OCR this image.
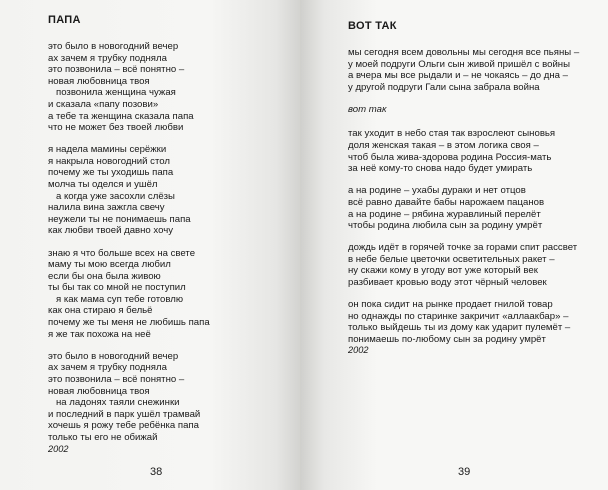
ПАПА
это было в новогодний вечер
ах зачем я трубку подняла
это позвонила – всё понятно –
новая любовница твоя
позвонила женщина чужая
и сказала «папу позови»
а тебе та женщина сказала папа
что не может без твоей любви
я надела мамины серёжки
я накрыла новогодний стол
почему же ты уходишь папа
молча ты оделся и ушёл
а когда уже засохли слёзы
налила вина зажгла свечу
неужели ты не понимаешь папа
как любви твоей давно хочу
знаю я что больше всех на свете
маму ты мою всегда любил
если бы она была живою
ты бы так со мной не поступил
я как мама суп тебе готовлю
как она стираю я бельё
почему же ты меня не любишь папа
я же так похожа на неё
это было в новогодний вечер
ах зачем я трубку подняла
это позвонила – всё понятно –
новая любовница твоя
на ладонях таяли снежинки
и последний в парк ушёл трамвай
хочешь я рожу тебе ребёнка папа
только ты его не обижай
2002
38
ВОТ ТАК
мы сегодня всем довольны мы сегодня все пьяны –
у моей подруги Ольги сын живой пришёл с войны
а вчера мы все рыдали и – не чокаясь – до дна –
у другой подруги Гали сына забрала война
вот так
так уходит в небо стая так взрослеют сыновья
доля женская такая – в этом логика своя –
чтоб была жива-здорова родина Россия-мать
за неё кому-то снова надо будет умирать
а на родине – ухабы дураки и нет отцов
всё равно давайте бабы нарожаем пацанов
а на родине – рябина журавлиный перелёт
чтобы родина любила сын за родину умрёт
дождь идёт в горячей точке за горами спит рассвет
в небе белые цветочки осветительных ракет –
ну скажи кому в угоду вот уже который век
разбивает кровью воду этот чёрный человек
он пока сидит на рынке продает гнилой товар
но однажды по старинке закричит «аллаакбар» –
только выйдешь ты из дому как ударит пулемёт –
понимаешь по-любому сын за родину умрёт
2002
39
